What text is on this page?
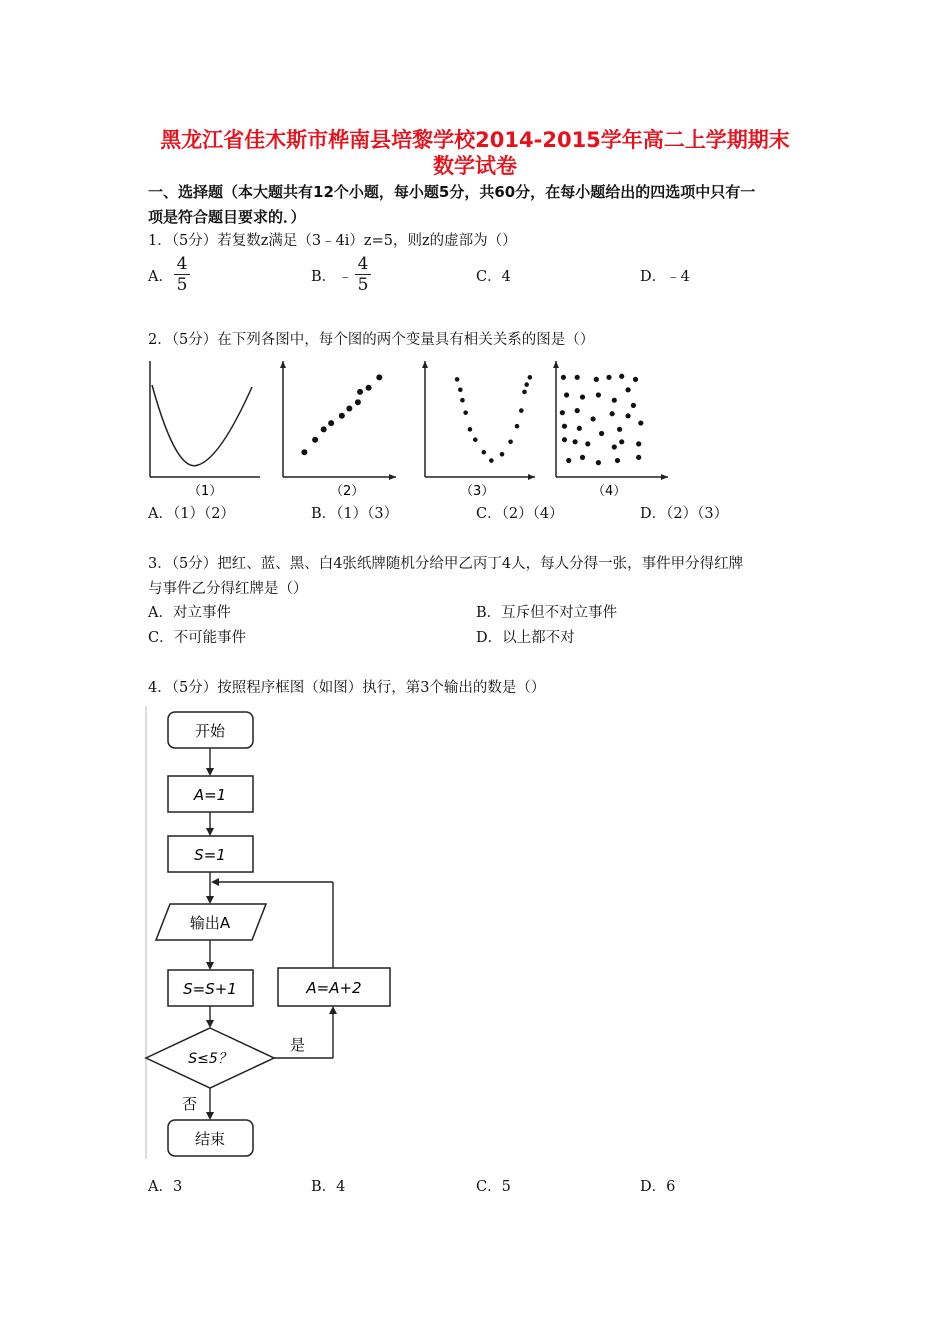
黑龙江省佳木斯市桦南县培黎学校2014-2015学年高二上学期期末
数学试卷
一、选择题（本大题共有12个小题，每小题5分，共60分，在每小题给出的四选项中只有一
项是符合题目要求的．）
1．（5分）若复数z满足（3﹣4i）z=5，则z的虚部为（）
A．
4
5	B． ﹣
4
5	C．4	D．﹣4
2．（5分）在下列各图中，每个图的两个变量具有相关关系的图是（）
（1）	（2）	（3）	（4）
A．（1）（2）	B．（1）（3）	C．（2）（4）	D．（2）（3）
3．（5分）把红、蓝、黑、白4张纸牌随机分给甲乙丙丁4人，每人分得一张，事件甲分得红牌
与事件乙分得红牌是（）
A．对立事件	B．互斥但不对立事件
C．不可能事件	D．以上都不对
4．（5分）按照程序框图（如图）执行，第3个输出的数是（）
开始
A=1
S=1
输出A
S=S+1	A=A+2
S≤5？
是
否
结束
A．3	B．4	C．5	D．6
